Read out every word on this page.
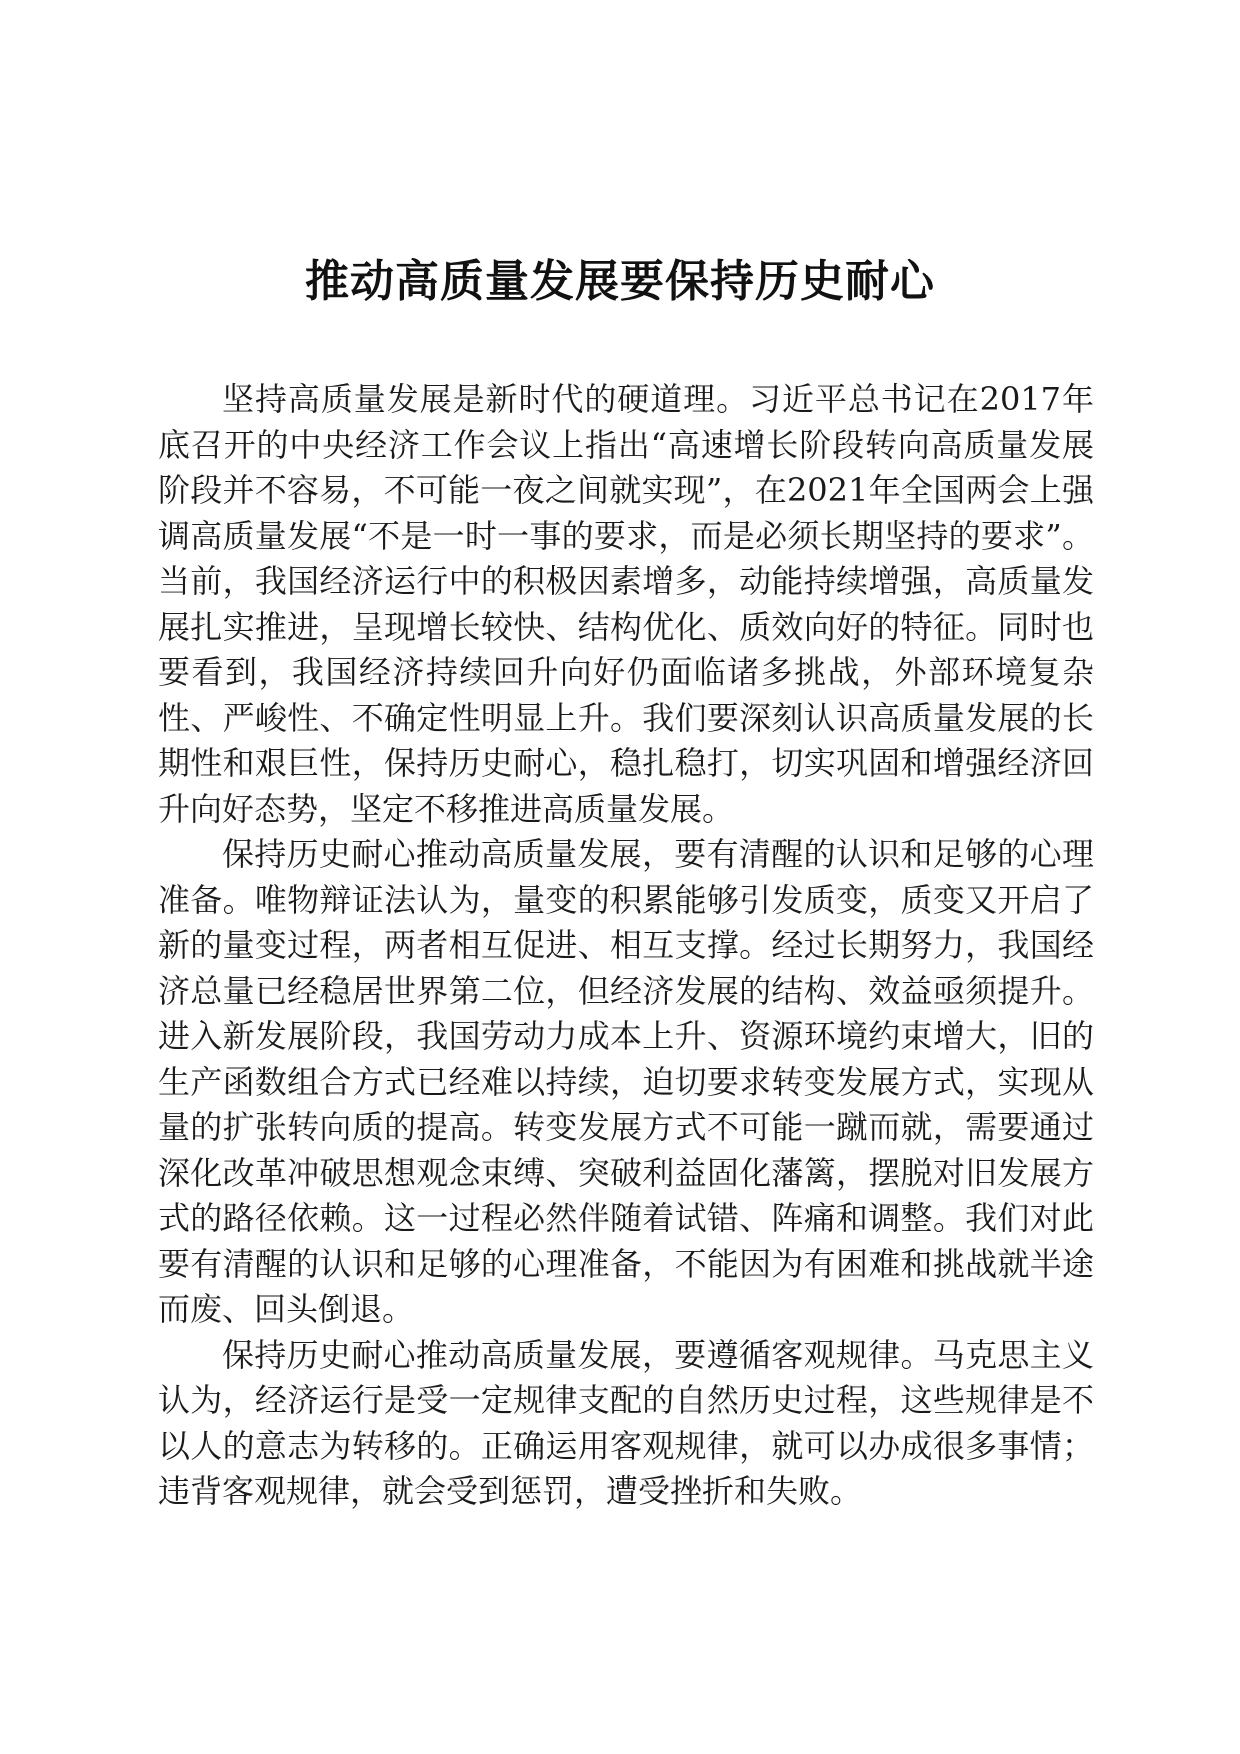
推动高质量发展要保持历史耐心

坚持高质量发展是新时代的硬道理。习近平总书记在2017年底召开的中央经济工作会议上指出“高速增长阶段转向高质量发展阶段并不容易，不可能一夜之间就实现”，在2021年全国两会上强调高质量发展“不是一时一事的要求，而是必须长期坚持的要求”。当前，我国经济运行中的积极因素增多，动能持续增强，高质量发展扎实推进，呈现增长较快、结构优化、质效向好的特征。同时也要看到，我国经济持续回升向好仍面临诸多挑战，外部环境复杂性、严峻性、不确定性明显上升。我们要深刻认识高质量发展的长期性和艰巨性，保持历史耐心，稳扎稳打，切实巩固和增强经济回升向好态势，坚定不移推进高质量发展。

保持历史耐心推动高质量发展，要有清醒的认识和足够的心理准备。唯物辩证法认为，量变的积累能够引发质变，质变又开启了新的量变过程，两者相互促进、相互支撑。经过长期努力，我国经济总量已经稳居世界第二位，但经济发展的结构、效益亟须提升。进入新发展阶段，我国劳动力成本上升、资源环境约束增大，旧的生产函数组合方式已经难以持续，迫切要求转变发展方式，实现从量的扩张转向质的提高。转变发展方式不可能一蹴而就，需要通过深化改革冲破思想观念束缚、突破利益固化藩篱，摆脱对旧发展方式的路径依赖。这一过程必然伴随着试错、阵痛和调整。我们对此要有清醒的认识和足够的心理准备，不能因为有困难和挑战就半途而废、回头倒退。

保持历史耐心推动高质量发展，要遵循客观规律。马克思主义认为，经济运行是受一定规律支配的自然历史过程，这些规律是不以人的意志为转移的。正确运用客观规律，就可以办成很多事情；违背客观规律，就会受到惩罚，遭受挫折和失败。
